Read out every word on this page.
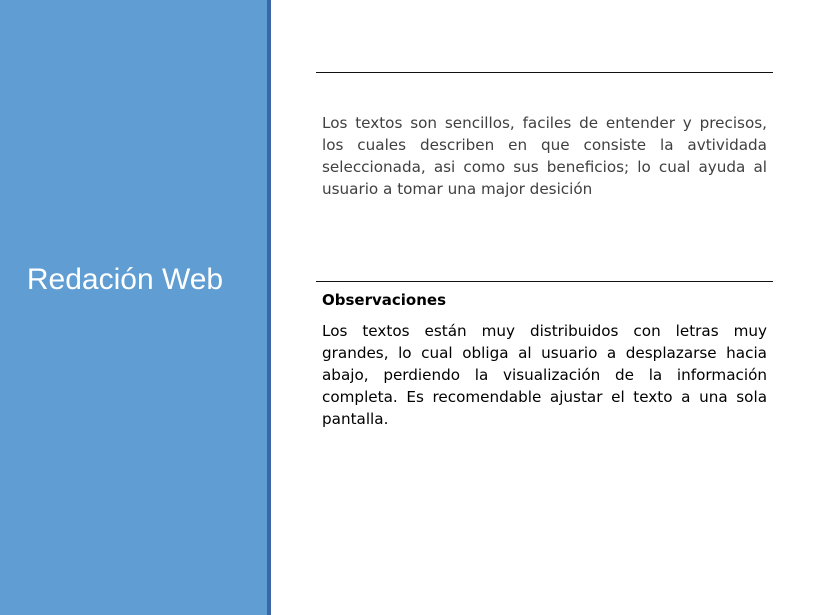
Redación Web

Los textos son sencillos, faciles de entender y precisos, los cuales describen en que consiste la avtividada seleccionada, asi como sus beneficios; lo cual ayuda al usuario a tomar una major desición

Observaciones

Los textos están muy distribuidos con letras muy grandes, lo cual obliga al usuario a desplazarse hacia abajo, perdiendo la visualización de la información completa. Es recomendable ajustar el texto a una sola pantalla.
